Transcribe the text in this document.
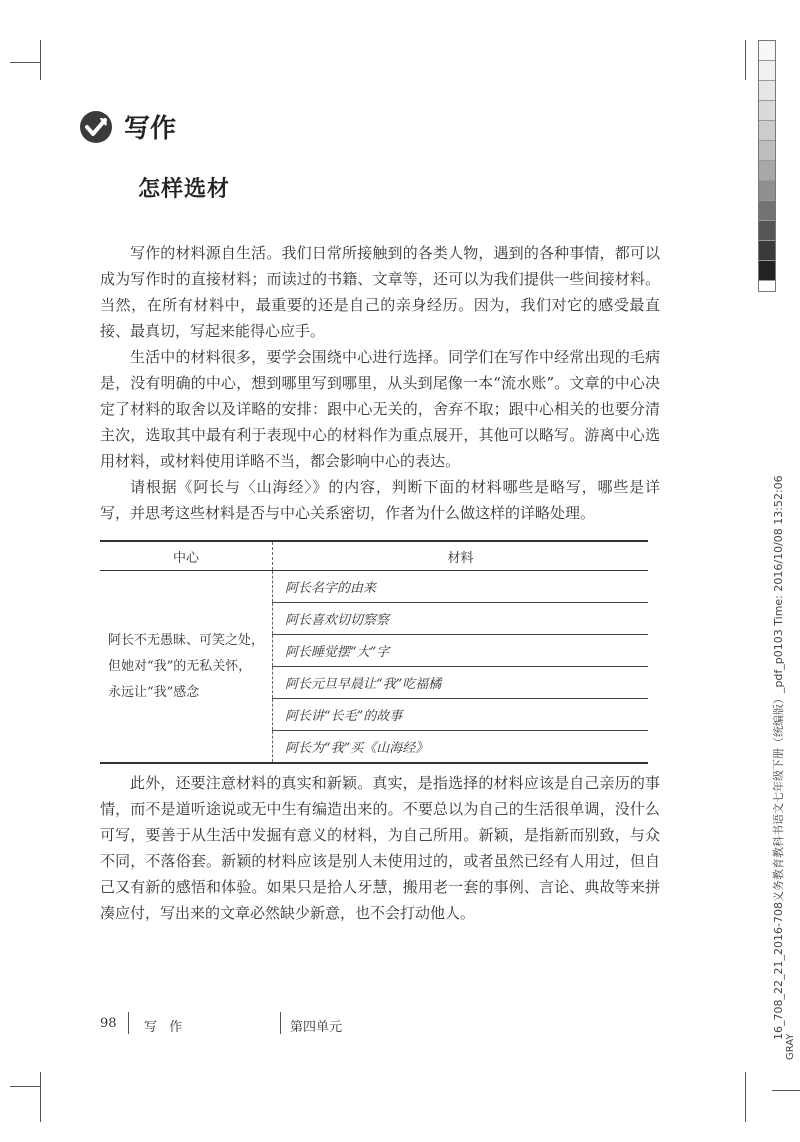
写作
怎样选材

写作的材料源自生活。我们日常所接触到的各类人物，遇到的各种事情，都可以成为写作时的直接材料；而读过的书籍、文章等，还可以为我们提供一些间接材料。当然，在所有材料中，最重要的还是自己的亲身经历。因为，我们对它的感受最直接、最真切，写起来能得心应手。

生活中的材料很多，要学会围绕中心进行选择。同学们在写作中经常出现的毛病是，没有明确的中心，想到哪里写到哪里，从头到尾像一本“流水账”。文章的中心决定了材料的取舍以及详略的安排：跟中心无关的，舍弃不取；跟中心相关的也要分清主次，选取其中最有利于表现中心的材料作为重点展开，其他可以略写。游离中心选用材料，或材料使用详略不当，都会影响中心的表达。

请根据《阿长与〈山海经〉》的内容，判断下面的材料哪些是略写，哪些是详写，并思考这些材料是否与中心关系密切，作者为什么做这样的详略处理。

中心	材料
阿长不无愚昧、可笑之处，但她对“我”的无私关怀，永远让“我”感念	阿长名字的由来
	阿长喜欢切切察察
	阿长睡觉摆“大”字
	阿长元旦早晨让“我”吃福橘
	阿长讲“长毛”的故事
	阿长为“我”买《山海经》

此外，还要注意材料的真实和新颖。真实，是指选择的材料应该是自己亲历的事情，而不是道听途说或无中生有编造出来的。不要总以为自己的生活很单调，没什么可写，要善于从生活中发掘有意义的材料，为自己所用。新颖，是指新而别致，与众不同，不落俗套。新颖的材料应该是别人未使用过的，或者虽然已经有人用过，但自己又有新的感悟和体验。如果只是拾人牙慧，搬用老一套的事例、言论、典故等来拼凑应付，写出来的文章必然缺少新意，也不会打动他人。

98 写 作	第四单元	16_708_22_21_2016-708义务教育教科书语文七年级下册（统编版）_pdf_p0103 Time: 2016/10/08 13:52:06
GRAY
